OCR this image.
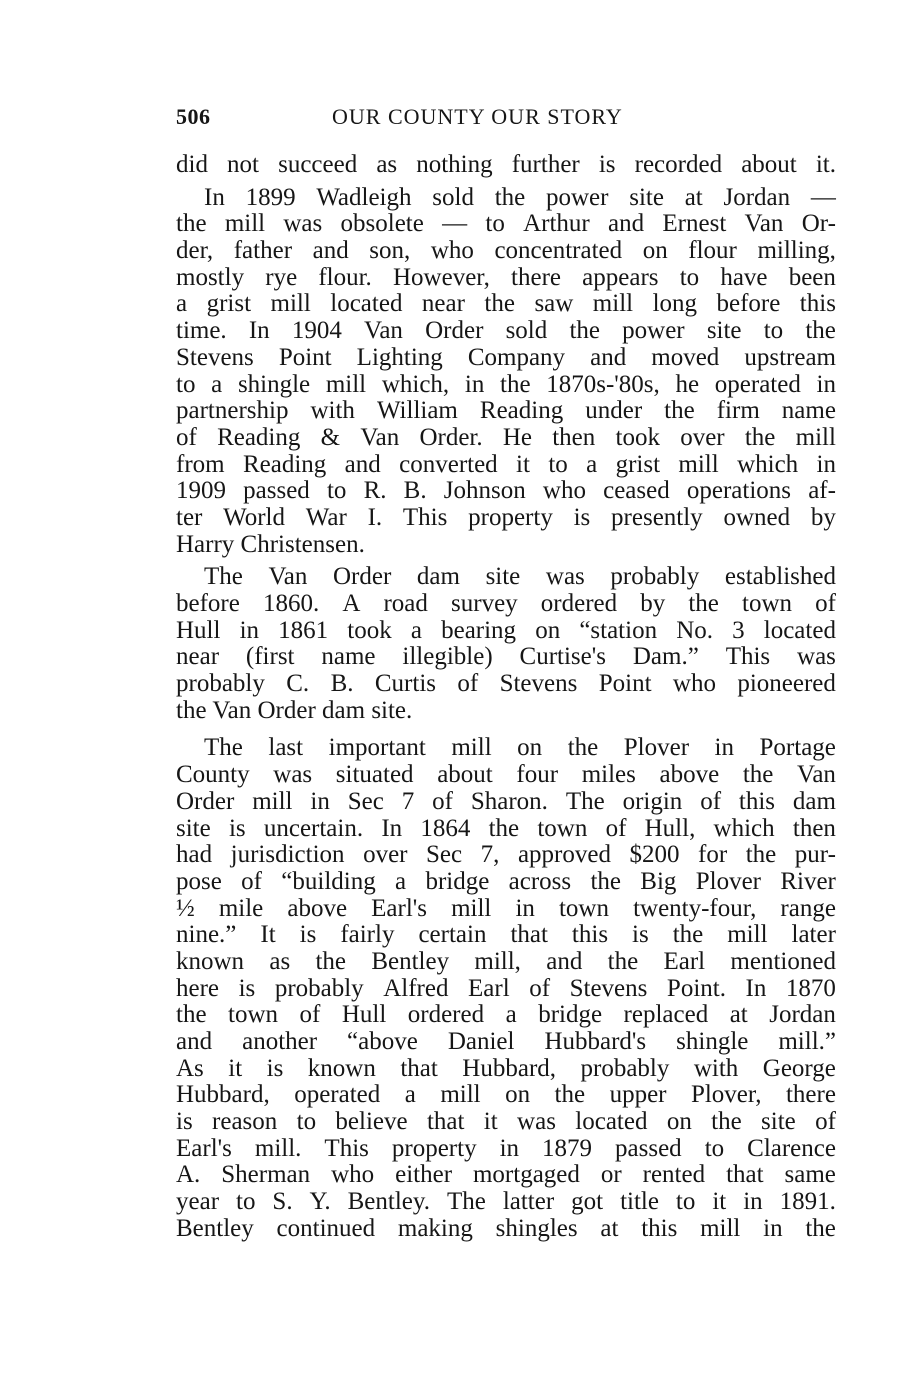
506	OUR COUNTY OUR STORY
did not succeed as nothing further is recorded about it.
In 1899 Wadleigh sold the power site at Jordan —
the mill was obsolete — to Arthur and Ernest Van Or-
der, father and son, who concentrated on flour milling,
mostly rye flour. However, there appears to have been
a grist mill located near the saw mill long before this
time. In 1904 Van Order sold the power site to the
Stevens Point Lighting Company and moved upstream
to a shingle mill which, in the 1870s-'80s, he operated in
partnership with William Reading under the firm name
of Reading & Van Order. He then took over the mill
from Reading and converted it to a grist mill which in
1909 passed to R. B. Johnson who ceased operations af-
ter World War I. This property is presently owned by
Harry Christensen.
The Van Order dam site was probably established
before 1860. A road survey ordered by the town of
Hull in 1861 took a bearing on “station No. 3 located
near (first name illegible) Curtise's Dam.” This was
probably C. B. Curtis of Stevens Point who pioneered
the Van Order dam site.
The last important mill on the Plover in Portage
County was situated about four miles above the Van
Order mill in Sec 7 of Sharon. The origin of this dam
site is uncertain. In 1864 the town of Hull, which then
had jurisdiction over Sec 7, approved $200 for the pur-
pose of “building a bridge across the Big Plover River
½ mile above Earl's mill in town twenty-four, range
nine.” It is fairly certain that this is the mill later
known as the Bentley mill, and the Earl mentioned
here is probably Alfred Earl of Stevens Point. In 1870
the town of Hull ordered a bridge replaced at Jordan
and another “above Daniel Hubbard's shingle mill.”
As it is known that Hubbard, probably with George
Hubbard, operated a mill on the upper Plover, there
is reason to believe that it was located on the site of
Earl's mill. This property in 1879 passed to Clarence
A. Sherman who either mortgaged or rented that same
year to S. Y. Bentley. The latter got title to it in 1891.
Bentley continued making shingles at this mill in the
